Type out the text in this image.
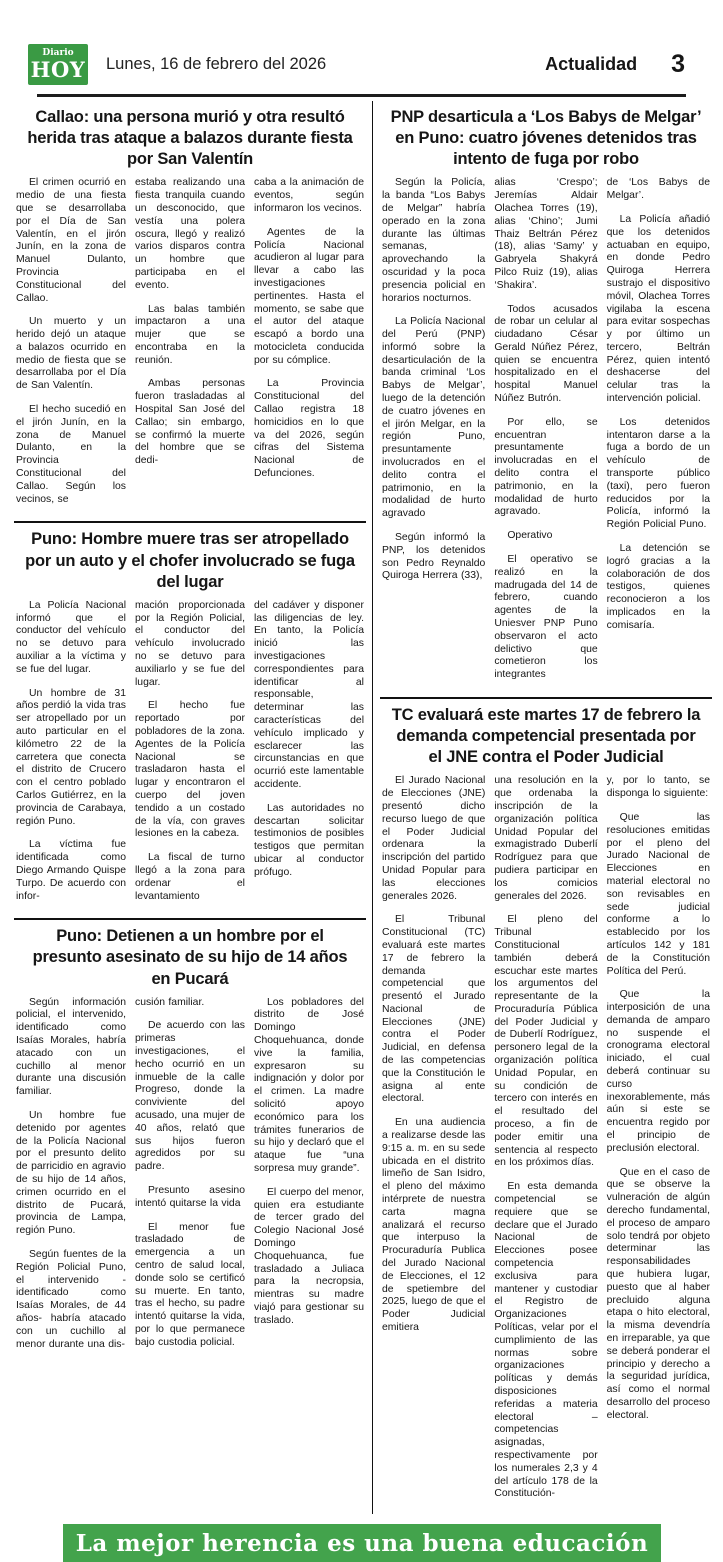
Diario
HOY Lunes, 16 de febrero del 2026	Actualidad 3
Callao: una persona murió y otra resultó herida tras ataque a balazos durante fiesta por San Valentín

El crimen ocurrió en medio de una fiesta que se desarrollaba por el Día de San Valentín, en el jirón Junín, en la zona de Manuel Dulanto, Provincia Constitucional del Callao.

Un muerto y un herido dejó un ataque a balazos ocurrido en medio de fiesta que se desarrollaba por el Día de San Valentín.

El hecho sucedió en el jirón Junín, en la zona de Manuel Dulanto, en la Provincia Constitucional del Callao. Según los vecinos, se

estaba realizando una fiesta tranquila cuando un desconocido, que vestía una polera oscura, llegó y realizó varios disparos contra un hombre que participaba en el evento.

Las balas también impactaron a una mujer que se encontraba en la reunión.

Ambas personas fueron trasladadas al Hospital San José del Callao; sin embargo, se confirmó la muerte del hombre que se dedi-

caba a la animación de eventos, según informaron los vecinos.

Agentes de la Policía Nacional acudieron al lugar para llevar a cabo las investigaciones pertinentes. Hasta el momento, se sabe que el autor del ataque escapó a bordo una motocicleta conducida por su cómplice.

La Provincia Constitucional del Callao registra 18 homicidios en lo que va del 2026, según cifras del Sistema Nacional de Defunciones.

Puno: Hombre muere tras ser atropellado por un auto y el chofer involucrado se fuga del lugar

La Policía Nacional informó que el conductor del vehículo no se detuvo para auxiliar a la víctima y se fue del lugar.

Un hombre de 31 años perdió la vida tras ser atropellado por un auto particular en el kilómetro 22 de la carretera que conecta el distrito de Crucero con el centro poblado Carlos Gutiérrez, en la provincia de Carabaya, región Puno.

La víctima fue identificada como Diego Armando Quispe Turpo. De acuerdo con infor-

mación proporcionada por la Región Policial, el conductor del vehículo involucrado no se detuvo para auxiliarlo y se fue del lugar.

El hecho fue reportado por pobladores de la zona. Agentes de la Policía Nacional se trasladaron hasta el lugar y encontraron el cuerpo del joven tendido a un costado de la vía, con graves lesiones en la cabeza.

La fiscal de turno llegó a la zona para ordenar el levantamiento

del cadáver y disponer las diligencias de ley. En tanto, la Policía inició las investigaciones correspondientes para identificar al responsable, determinar las características del vehículo implicado y esclarecer las circunstancias en que ocurrió este lamentable accidente.

Las autoridades no descartan solicitar testimonios de posibles testigos que permitan ubicar al conductor prófugo.

Puno: Detienen a un hombre por el presunto asesinato de su hijo de 14 años en Pucará

Según información policial, el intervenido, identificado como Isaías Morales, habría atacado con un cuchillo al menor durante una discusión familiar.

Un hombre fue detenido por agentes de la Policía Nacional por el presunto delito de parricidio en agravio de su hijo de 14 años, crimen ocurrido en el distrito de Pucará, provincia de Lampa, región Puno.

Según fuentes de la Región Policial Puno, el intervenido -identificado como Isaías Morales, de 44 años- habría atacado con un cuchillo al menor durante una dis-

cusión familiar.

De acuerdo con las primeras investigaciones, el hecho ocurrió en un inmueble de la calle Progreso, donde la conviviente del acusado, una mujer de 40 años, relató que sus hijos fueron agredidos por su padre.

Presunto asesino intentó quitarse la vida

El menor fue trasladado de emergencia a un centro de salud local, donde solo se certificó su muerte. En tanto, tras el hecho, su padre intentó quitarse la vida, por lo que permanece bajo custodia policial.

Los pobladores del distrito de José Domingo Choquehuanca, donde vive la familia, expresaron su indignación y dolor por el crimen. La madre solicitó apoyo económico para los trámites funerarios de su hijo y declaró que el ataque fue “una sorpresa muy grande”.

El cuerpo del menor, quien era estudiante de tercer grado del Colegio Nacional José Domingo Choquehuanca, fue trasladado a Juliaca para la necropsia, mientras su madre viajó para gestionar su traslado.

PNP desarticula a ‘Los Babys de Melgar’ en Puno: cuatro jóvenes detenidos tras intento de fuga por robo

Según la Policía, la banda “Los Babys de Melgar” habría operado en la zona durante las últimas semanas, aprovechando la oscuridad y la poca presencia policial en horarios nocturnos.

La Policía Nacional del Perú (PNP) informó sobre la desarticulación de la banda criminal ‘Los Babys de Melgar’, luego de la detención de cuatro jóvenes en el jirón Melgar, en la región Puno, presuntamente involucrados en el delito contra el patrimonio, en la modalidad de hurto agravado

Según informó la PNP, los detenidos son Pedro Reynaldo Quiroga Herrera (33),

alias ‘Crespo’; Jeremías Aldair Olachea Torres (19), alias ‘Chino’; Jumi Thaiz Beltrán Pérez (18), alias ‘Samy’ y Gabryela Shakyrá Pilco Ruiz (19), alias ‘Shakira’.

Todos acusados de robar un celular al ciudadano César Gerald Núñez Pérez, quien se encuentra hospitalizado en el hospital Manuel Núñez Butrón.

Por ello, se encuentran presuntamente involucradas en el delito contra el patrimonio, en la modalidad de hurto agravado.

Operativo

El operativo se realizó en la madrugada del 14 de febrero, cuando agentes de la Uniesver PNP Puno observaron el acto delictivo que cometieron los integrantes

de ‘Los Babys de Melgar’.

La Policía añadió que los detenidos actuaban en equipo, en donde Pedro Quiroga Herrera sustrajo el dispositivo móvil, Olachea Torres vigilaba la escena para evitar sospechas y por último un tercero, Beltrán Pérez, quien intentó deshacerse del celular tras la intervención policial.

Los detenidos intentaron darse a la fuga a bordo de un vehículo de transporte público (taxi), pero fueron reducidos por la Policía, informó la Región Policial Puno.

La detención se logró gracias a la colaboración de dos testigos, quienes reconocieron a los implicados en la comisaría.

TC evaluará este martes 17 de febrero la demanda competencial presentada por el JNE contra el Poder Judicial

El Jurado Nacional de Elecciones (JNE) presentó dicho recurso luego de que el Poder Judicial ordenara la inscripción del partido Unidad Popular para las elecciones generales 2026.

El Tribunal Constitucional (TC) evaluará este martes 17 de febrero la demanda competencial que presentó el Jurado Nacional de Elecciones (JNE) contra el Poder Judicial, en defensa de las competencias que la Constitución le asigna al ente electoral.

En una audiencia a realizarse desde las 9:15 a. m. en su sede ubicada en el distrito limeño de San Isidro, el pleno del máximo intérprete de nuestra carta magna analizará el recurso que interpuso la Procuraduría Publica del Jurado Nacional de Elecciones, el 12 de spetiembre del 2025, luego de que el Poder Judicial emitiera

una resolución en la que ordenaba la inscripción de la organización política Unidad Popular del exmagistrado Duberlí Rodríguez para que pudiera participar en los comicios generales del 2026.

El pleno del Tribunal Constitucional también deberá escuchar este martes los argumentos del representante de la Procuraduría Pública del Poder Judicial y de Duberlí Rodríguez, personero legal de la organización política Unidad Popular, en su condición de tercero con interés en el resultado del proceso, a fin de poder emitir una sentencia al respecto en los próximos días.

En esta demanda competencial se requiere que se declare que el Jurado Nacional de Elecciones posee competencia exclusiva para mantener y custodiar el Registro de Organizaciones Políticas, velar por el cumplimiento de las normas sobre organizaciones políticas y demás disposiciones referidas a materia electoral – competencias asignadas, respectivamente por los numerales 2,3 y 4 del artículo 178 de la Constitución-

y, por lo tanto, se disponga lo siguiente:

Que las resoluciones emitidas por el pleno del Jurado Nacional de Elecciones en material electoral no son revisables en sede judicial conforme a lo establecido por los artículos 142 y 181 de la Constitución Política del Perú.

Que la interposición de una demanda de amparo no suspende el cronograma electoral iniciado, el cual deberá continuar su curso inexorablemente, más aún si este se encuentra regido por el principio de preclusión electoral.

Que en el caso de que se observe la vulneración de algún derecho fundamental, el proceso de amparo solo tendrá por objeto determinar las responsabilidades que hubiera lugar, puesto que al haber precluido alguna etapa o hito electoral, la misma devendría en irreparable, ya que se deberá ponderar el principio y derecho a la seguridad jurídica, así como el normal desarrollo del proceso electoral.

La mejor herencia es una buena educación
